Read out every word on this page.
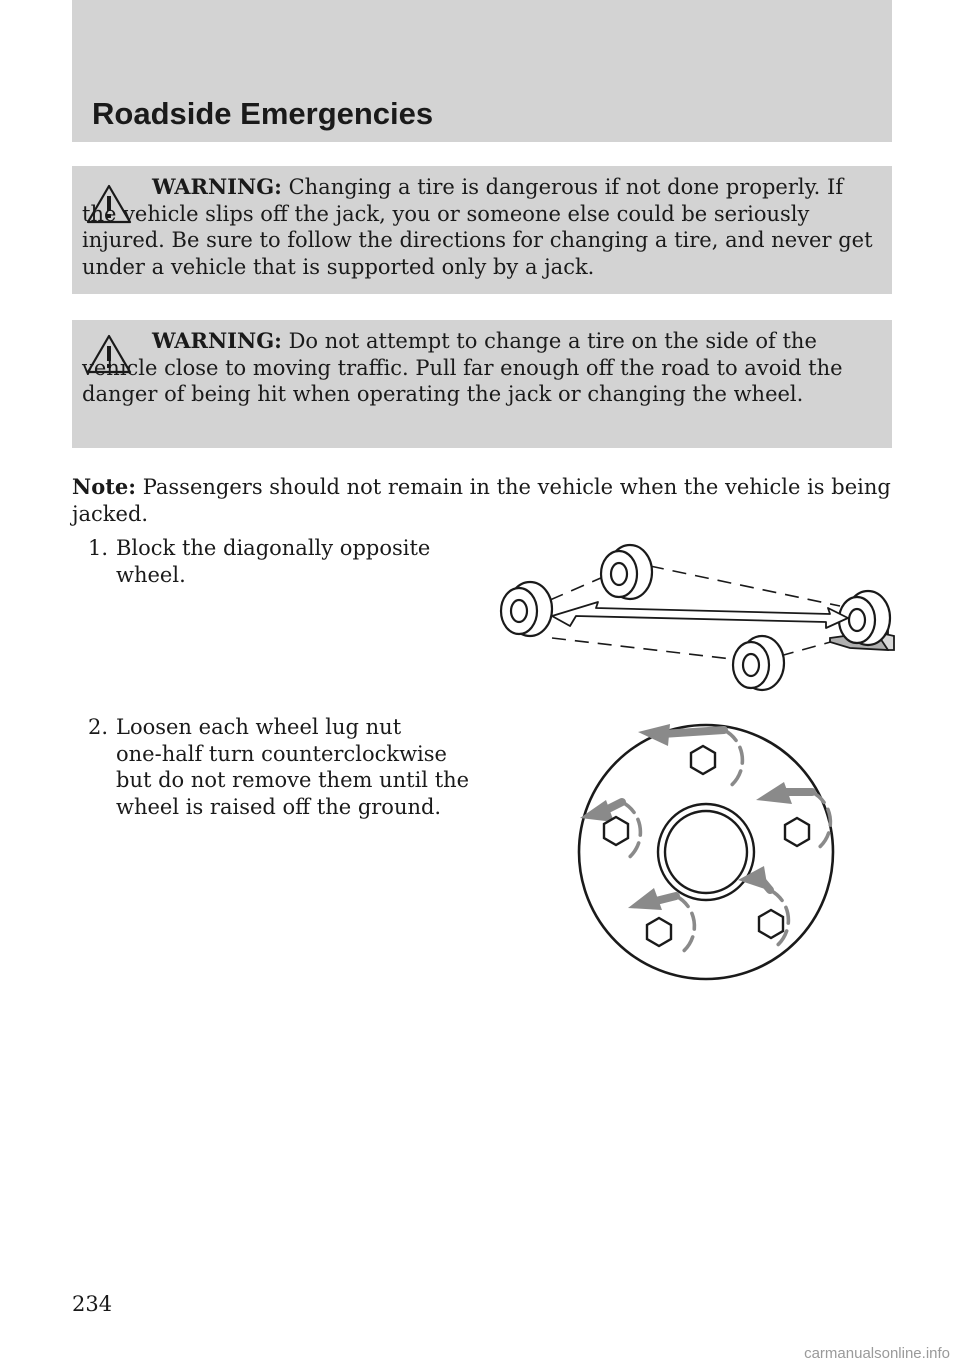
Roadside Emergencies

WARNING: Changing a tire is dangerous if not done properly. If the vehicle slips off the jack, you or someone else could be seriously injured. Be sure to follow the directions for changing a tire, and never get under a vehicle that is supported only by a jack.

WARNING: Do not attempt to change a tire on the side of the vehicle close to moving traffic. Pull far enough off the road to avoid the danger of being hit when operating the jack or changing the wheel.

Note: Passengers should not remain in the vehicle when the vehicle is being jacked.

1. Block the diagonally opposite
wheel.

2. Loosen each wheel lug nut
one-half turn counterclockwise but do not remove them until the wheel is raised off the ground.

234

carmanualsonline.info
